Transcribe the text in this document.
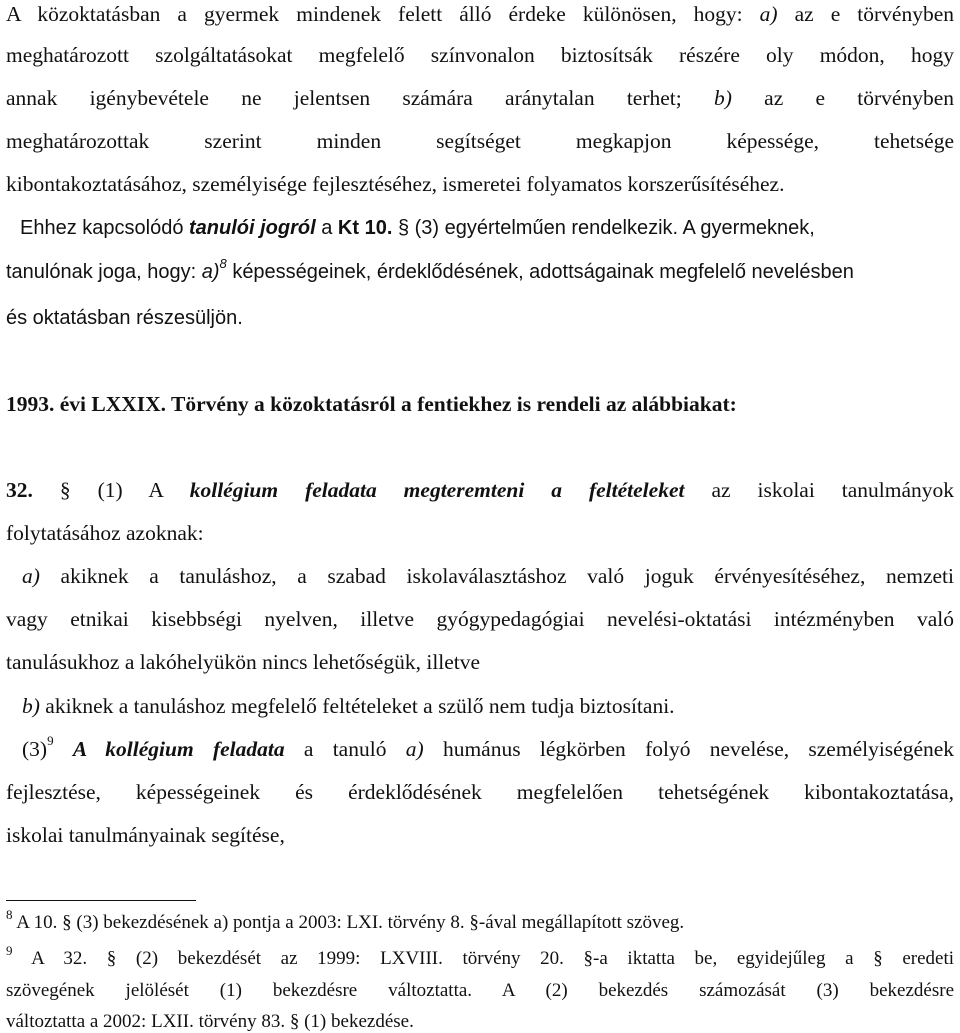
A közoktatásban a gyermek mindenek felett álló érdeke különösen, hogy: a) az e törvényben
meghatározott szolgáltatásokat megfelelő színvonalon biztosítsák részére oly módon, hogy
annak igénybevétele ne jelentsen számára aránytalan terhet; b) az e törvényben
meghatározottak szerint minden segítséget megkapjon képessége, tehetsége
kibontakoztatásához, személyisége fejlesztéséhez, ismeretei folyamatos korszerűsítéséhez.
Ehhez kapcsolódó tanulói jogról a Kt 10. § (3) egyértelműen rendelkezik. A gyermeknek,
tanulónak joga, hogy: a)$^8$ képességeinek, érdeklődésének, adottságainak megfelelő nevelésben
és oktatásban részesüljön.
1993. évi LXXIX. Törvény a közoktatásról a fentiekhez is rendeli az alábbiakat:
32. § (1) A kollégium feladata megteremteni a feltételeket az iskolai tanulmányok
folytatásához azoknak:
a) akiknek a tanuláshoz, a szabad iskolaválasztáshoz való joguk érvényesítéséhez, nemzeti
vagy etnikai kisebbségi nyelven, illetve gyógypedagógiai nevelési-oktatási intézményben való
tanulásukhoz a lakóhelyükön nincs lehetőségük, illetve
b) akiknek a tanuláshoz megfelelő feltételeket a szülő nem tudja biztosítani.
$(3)^9$ A kollégium feladata a tanuló a) humánus légkörben folyó nevelése, személyiségének
fejlesztése, képességeinek és érdeklődésének megfelelően tehetségének kibontakoztatása,
iskolai tanulmányainak segítése,
$^8$ A 10. § (3) bekezdésének a) pontja a 2003: LXI. törvény 8. §-ával megállapított szöveg.
$^9$ A 32. § (2) bekezdését az 1999: LXVIII. törvény 20. §-a iktatta be, egyidejűleg a § eredeti
szövegének jelölését (1) bekezdésre változtatta. A (2) bekezdés számozását (3) bekezdésre
változtatta a 2002: LXII. törvény 83. § (1) bekezdése.
